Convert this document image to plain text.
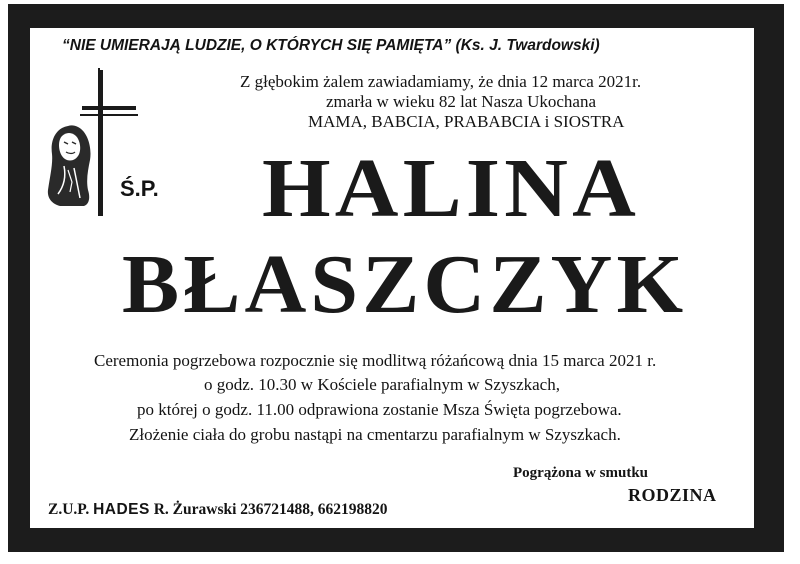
“NIE UMIERAJĄ LUDZIE, O KTÓRYCH SIĘ PAMIĘTA” (Ks. J. Twardowski)
Z głębokim żalem zawiadamiamy, że dnia 12 marca 2021r.
zmarła w wieku 82 lat Nasza Ukochana
MAMA, BABCIA, PRABABCIA i SIOSTRA
Ś.P. HALINA
BŁASZCZYK
Ceremonia pogrzebowa rozpocznie się modlitwą różańcową dnia 15 marca 2021 r.
o godz. 10.30 w Kościele parafialnym w Szyszkach,
po której o godz. 11.00 odprawiona zostanie Msza Święta pogrzebowa.
Złożenie ciała do grobu nastąpi na cmentarzu parafialnym w Szyszkach.
Pogrążona w smutku
RODZINA
Z.U.P. HADES R. Żurawski 236721488, 662198820
